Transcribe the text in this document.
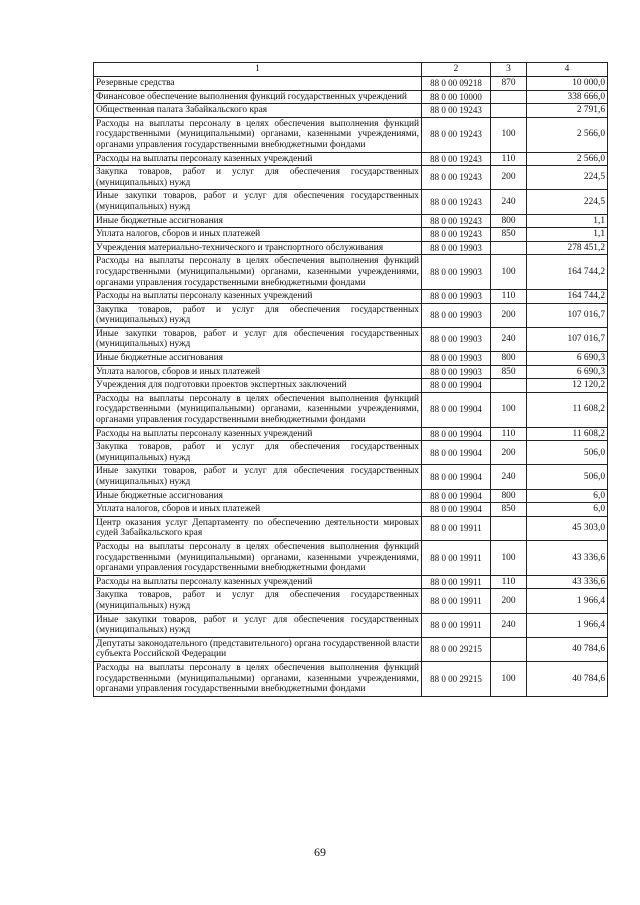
1	2	3	4
Резервные средства	88 0 00 09218	870	10 000,0
Финансовое обеспечение выполнения функций государственных учреждений	88 0 00 10000		338 666,0
Общественная палата Забайкальского края	88 0 00 19243		2 791,6
Расходы на выплаты персоналу в целях обеспечения выполнения функций государственными (муниципальными) органами, казенными учреждениями, органами управления государственными внебюджетными фондами	88 0 00 19243	100	2 566,0
Расходы на выплаты персоналу казенных учреждений	88 0 00 19243	110	2 566,0
Закупка товаров, работ и услуг для обеспечения государственных (муниципальных) нужд	88 0 00 19243	200	224,5
Иные закупки товаров, работ и услуг для обеспечения государственных (муниципальных) нужд	88 0 00 19243	240	224,5
Иные бюджетные ассигнования	88 0 00 19243	800	1,1
Уплата налогов, сборов и иных платежей	88 0 00 19243	850	1,1
Учреждения материально-технического и транспортного обслуживания	88 0 00 19903		278 451,2
Расходы на выплаты персоналу в целях обеспечения выполнения функций государственными (муниципальными) органами, казенными учреждениями, органами управления государственными внебюджетными фондами	88 0 00 19903	100	164 744,2
Расходы на выплаты персоналу казенных учреждений	88 0 00 19903	110	164 744,2
Закупка товаров, работ и услуг для обеспечения государственных (муниципальных) нужд	88 0 00 19903	200	107 016,7
Иные закупки товаров, работ и услуг для обеспечения государственных (муниципальных) нужд	88 0 00 19903	240	107 016,7
Иные бюджетные ассигнования	88 0 00 19903	800	6 690,3
Уплата налогов, сборов и иных платежей	88 0 00 19903	850	6 690,3
Учреждения для подготовки проектов экспертных заключений	88 0 00 19904		12 120,2
Расходы на выплаты персоналу в целях обеспечения выполнения функций государственными (муниципальными) органами, казенными учреждениями, органами управления государственными внебюджетными фондами	88 0 00 19904	100	11 608,2
Расходы на выплаты персоналу казенных учреждений	88 0 00 19904	110	11 608,2
Закупка товаров, работ и услуг для обеспечения государственных (муниципальных) нужд	88 0 00 19904	200	506,0
Иные закупки товаров, работ и услуг для обеспечения государственных (муниципальных) нужд	88 0 00 19904	240	506,0
Иные бюджетные ассигнования	88 0 00 19904	800	6,0
Уплата налогов, сборов и иных платежей	88 0 00 19904	850	6,0
Центр оказания услуг Департаменту по обеспечению деятельности мировых судей Забайкальского края	88 0 00 19911		45 303,0
Расходы на выплаты персоналу в целях обеспечения выполнения функций государственными (муниципальными) органами, казенными учреждениями, органами управления государственными внебюджетными фондами	88 0 00 19911	100	43 336,6
Расходы на выплаты персоналу казенных учреждений	88 0 00 19911	110	43 336,6
Закупка товаров, работ и услуг для обеспечения государственных (муниципальных) нужд	88 0 00 19911	200	1 966,4
Иные закупки товаров, работ и услуг для обеспечения государственных (муниципальных) нужд	88 0 00 19911	240	1 966,4
Депутаты законодательного (представительного) органа государственной власти субъекта Российской Федерации	88 0 00 29215		40 784,6
Расходы на выплаты персоналу в целях обеспечения выполнения функций государственными (муниципальными) органами, казенными учреждениями, органами управления государственными внебюджетными фондами	88 0 00 29215	100	40 784,6
69
